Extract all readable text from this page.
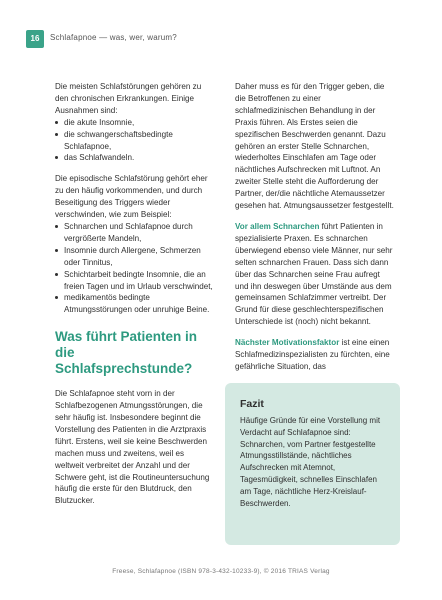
16	Schlafapnoe — was, wer, warum?

Die meisten Schlafstörungen gehören zu den chronischen Erkrankungen. Einige Ausnahmen sind:

die akute Insomnie,
die schwangerschaftsbedingte Schlafapnoe,
das Schlafwandeln.

Die episodische Schlafstörung gehört eher zu den häufig vorkommenden, und durch Beseitigung des Triggers wieder verschwinden, wie zum Beispiel:

Schnarchen und Schlafapnoe durch vergrößerte Mandeln,
Insomnie durch Allergene, Schmerzen oder Tinnitus,
Schichtarbeit bedingte Insomnie, die an freien Tagen und im Urlaub verschwindet,
medikamentös bedingte Atmungsstörungen oder unruhige Beine.
Was führt Patienten in die Schlafsprechstunde?

Die Schlafapnoe steht vorn in der Schlafbezogenen Atmungsstörungen, die sehr häufig ist. Insbesondere beginnt die Vorstellung des Patienten in die Arztpraxis führt. Erstens, weil sie keine Beschwerden machen muss und zweitens, weil es weltweit verbreitet der Anzahl und der Schwere geht, ist die Routineuntersuchung häufig die erste für den Blutdruck, den Blutzucker.

Daher muss es für den Trigger geben, die die Betroffenen zu einer schlafmedizinischen Behandlung in der Praxis führen. Als Erstes seien die spezifischen Beschwerden genannt. Dazu gehören an erster Stelle Schnarchen, wiederholtes Einschlafen am Tage oder nächtliches Aufschrecken mit Luftnot. An zweiter Stelle steht die Aufforderung der Partner, der/die nächtliche Atemaussetzer gesehen hat. Atmungsaussetzer festgestellt.

Vor allem Schnarchen führt Patienten in spezialisierte Praxen. Es schnarchen überwiegend ebenso viele Männer, nur sehr selten schnarchen Frauen. Dass sich dann über das Schnarchen seine Frau aufregt und ihn deswegen über Umstände aus dem gemeinsamen Schlafzimmer vertreibt. Der Grund für diese geschlechterspezifischen Unterschiede ist (noch) nicht bekannt.

Nächster Motivationsfaktor ist eine einen Schlafmedizinspezialisten zu fürchten, eine gefährliche Situation, das

Fazit
Häufige Gründe für eine Vorstellung mit Verdacht auf Schlafapnoe sind: Schnarchen, vom Partner festgestellte Atmungsstillstände, nächtliches Aufschrecken mit Atemnot, Tagesmüdigkeit, schnelles Einschlafen am Tage, nächtliche Herz-Kreislauf-Beschwerden.
Freese, Schlafapnoe (ISBN 978-3-432-10233-9), © 2016 TRIAS Verlag
